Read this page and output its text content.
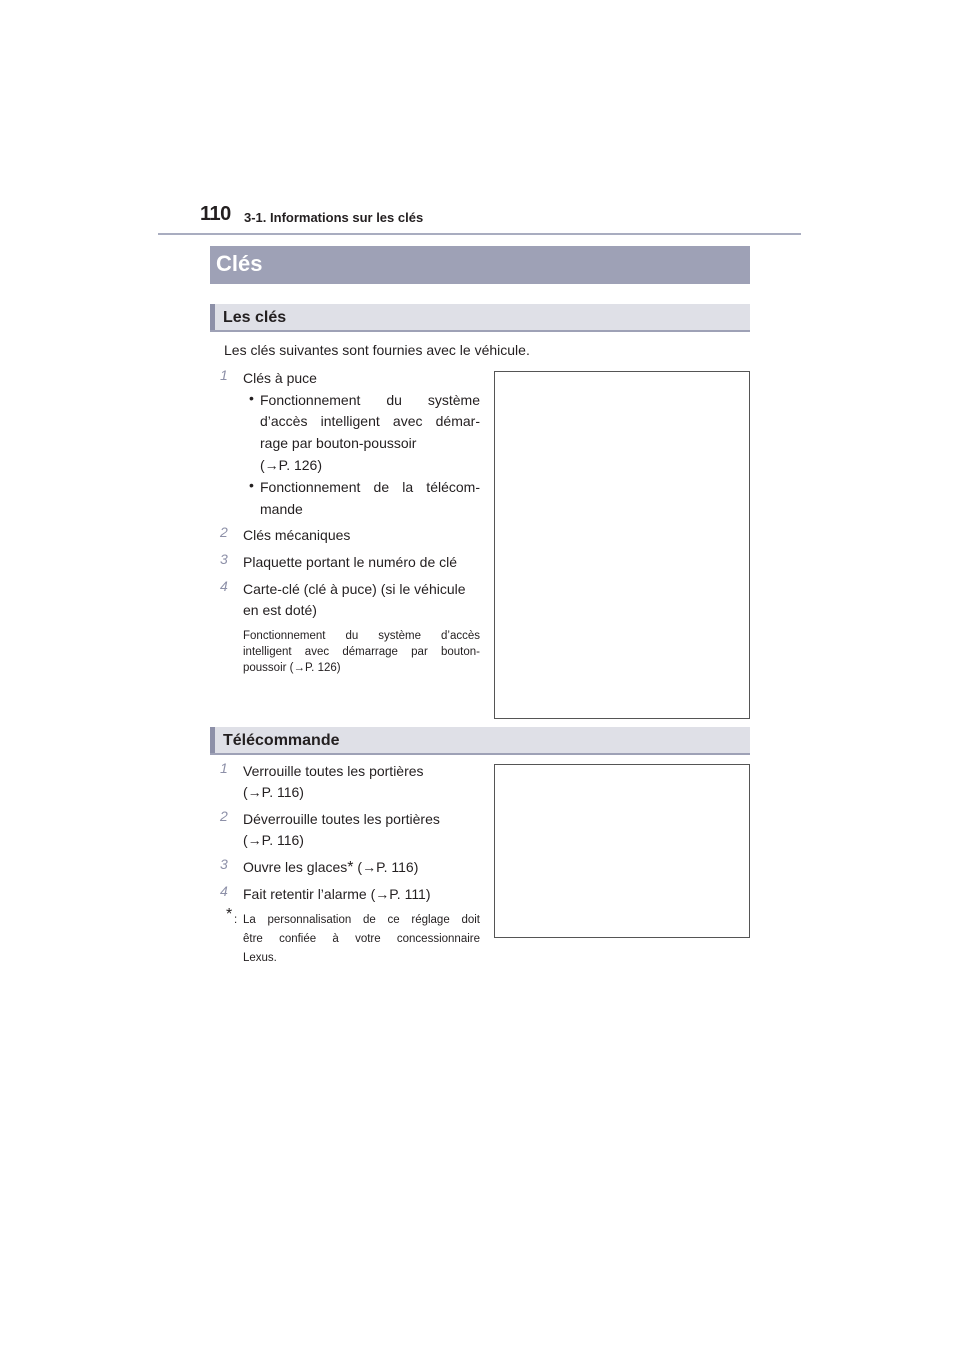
110 3-1. Informations sur les clés
Clés
Les clés
Les clés suivantes sont fournies avec le véhicule.
1	Clés à puce
• Fonctionnement du système
d’accès intelligent avec démar-
rage par bouton-poussoir
(→P. 126)
• Fonctionnement de la télécom-
mande
2	Clés mécaniques
3	Plaquette portant le numéro de clé
4	Carte-clé (clé à puce) (si le véhicule
en est doté)
Fonctionnement du système d’accès
intelligent avec démarrage par bouton-
poussoir (→P. 126)
Télécommande
1	Verrouille toutes les portières
(→P. 116)
2	Déverrouille toutes les portières
(→P. 116)
3	Ouvre les glaces* (→P. 116)
4	Fait retentir l’alarme (→P. 111)
* : La personnalisation de ce réglage doit
être confiée à votre concessionnaire
Lexus.
